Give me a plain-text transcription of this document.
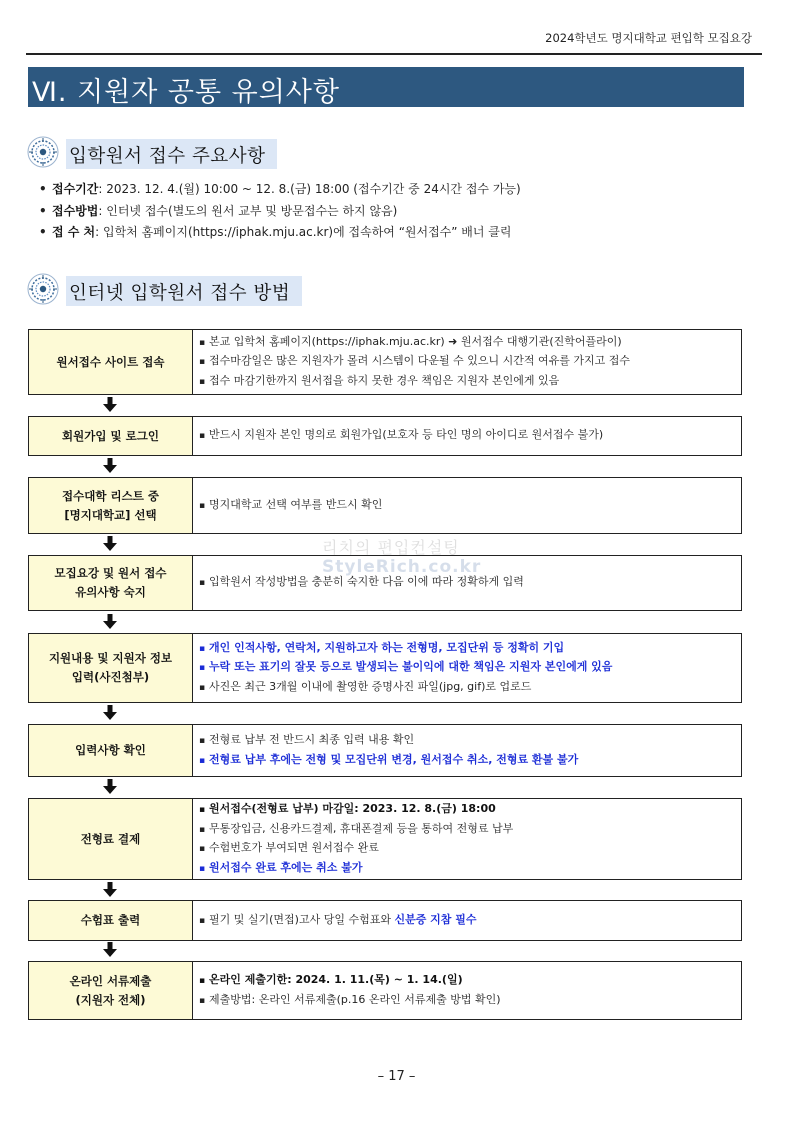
2024학년도 명지대학교 편입학 모집요강
Ⅵ. 지원자 공통 유의사항
입학원서 접수 주요사항
• 접수기간: 2023. 12. 4.(월) 10:00 ~ 12. 8.(금) 18:00 (접수기간 중 24시간 접수 가능)
• 접수방법: 인터넷 접수(별도의 원서 교부 및 방문접수는 하지 않음)
• 접 수 처: 입학처 홈페이지(https://iphak.mju.ac.kr)에 접속하여 “원서접수” 배너 클릭
인터넷 입학원서 접수 방법
원서접수 사이트 접속
▪ 본교 입학처 홈페이지(https://iphak.mju.ac.kr) ➜ 원서접수 대행기관(진학어플라이)
▪ 접수마감일은 많은 지원자가 몰려 시스템이 다운될 수 있으니 시간적 여유를 가지고 접수
▪ 접수 마감기한까지 원서접을 하지 못한 경우 책임은 지원자 본인에게 있음
회원가입 및 로그인	▪ 반드시 지원자 본인 명의로 회원가입(보호자 등 타인 명의 아이디로 원서접수 불가)
접수대학 리스트 중
[명지대학교] 선택
▪ 명지대학교 선택 여부를 반드시 확인
모집요강 및 원서 접수
유의사항 숙지
▪ 입학원서 작성방법을 충분히 숙지한 다음 이에 따라 정확하게 입력
지원내용 및 지원자 정보
입력(사진첨부)
▪ 개인 인적사항, 연락처, 지원하고자 하는 전형명, 모집단위 등 정확히 기입
▪ 누락 또는 표기의 잘못 등으로 발생되는 불이익에 대한 책임은 지원자 본인에게 있음
▪ 사진은 최근 3개월 이내에 촬영한 증명사진 파일(jpg, gif)로 업로드
입력사항 확인
▪ 전형료 납부 전 반드시 최종 입력 내용 확인
▪ 전형료 납부 후에는 전형 및 모집단위 변경, 원서접수 취소, 전형료 환불 불가
전형료 결제
▪ 원서접수(전형료 납부) 마감일: 2023. 12. 8.(금) 18:00
▪ 무통장입금, 신용카드결제, 휴대폰결제 등을 통하여 전형료 납부
▪ 수험번호가 부여되면 원서접수 완료
▪ 원서접수 완료 후에는 취소 불가
수험표 출력	▪ 필기 및 실기(면접)고사 당일 수험표와 신분증 지참 필수
온라인 서류제출
(지원자 전체)
▪ 온라인 제출기한: 2024. 1. 11.(목) ~ 1. 14.(일)
▪ 제출방법: 온라인 서류제출(p.16 온라인 서류제출 방법 확인)
리치의 편입컨설팅
StyleRich.co.kr
– 17 –
